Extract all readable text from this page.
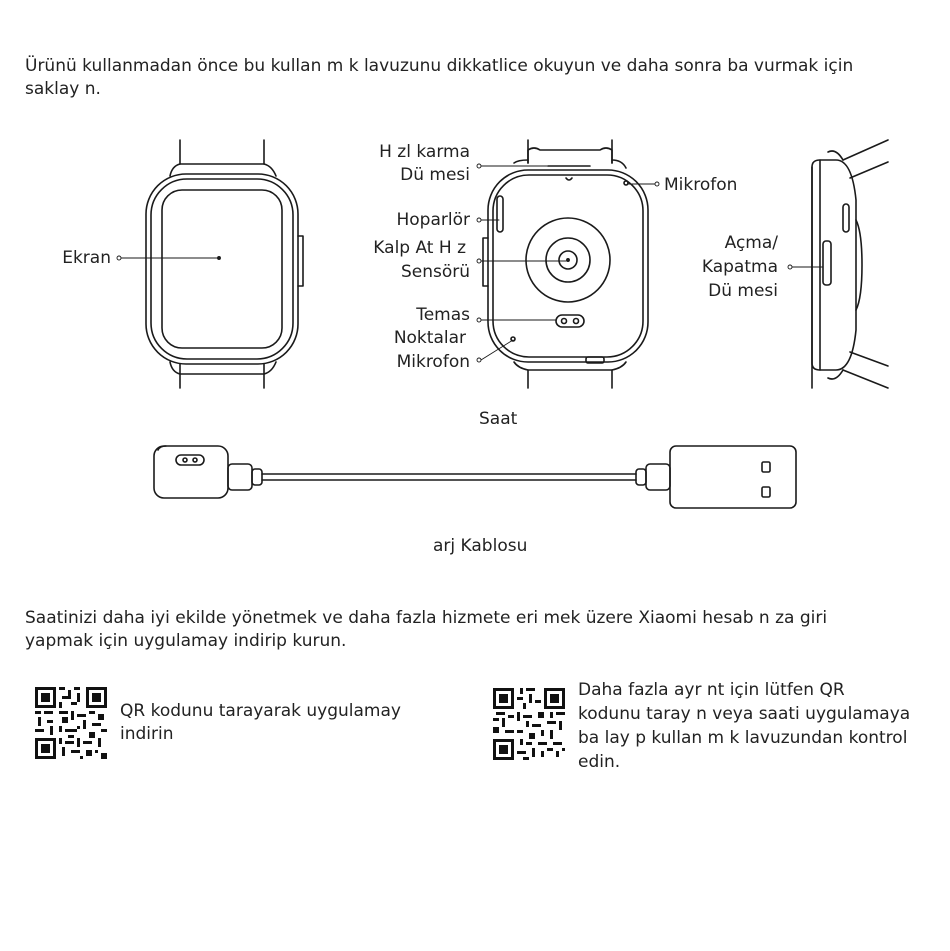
Ürünü kullanmadan önce bu kullan m k lavuzunu dikkatlice okuyun ve daha sonra ba vurmak için
saklay n.
Ekran
H zl karma
Dü mesi	Mikrofon
Hoparlör
Kalp At H z
Sensörü
Temas
Noktalar
Mikrofon
Açma/
Kapatma
Dü mesi
Saat
arj Kablosu
Saatinizi daha iyi ekilde yönetmek ve daha fazla hizmete eri mek üzere Xiaomi hesab n za giri
yapmak için uygulamay indirip kurun.
QR kodunu tarayarak uygulamay
indirin
Daha fazla ayr nt için lütfen QR
kodunu taray n veya saati uygulamaya
ba lay p kullan m k lavuzundan kontrol
edin.
